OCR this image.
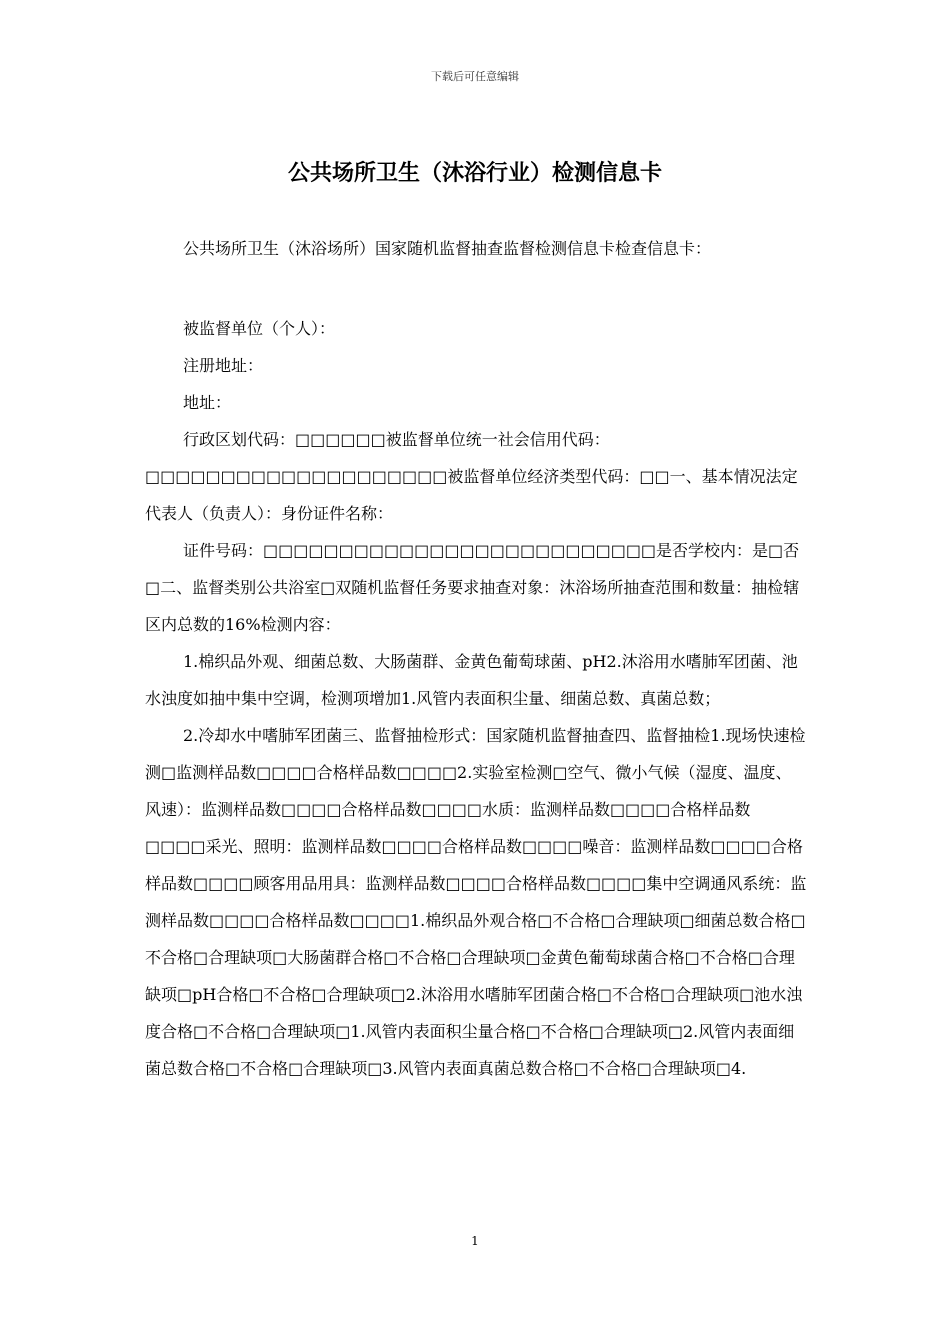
下载后可任意编辑
公共场所卫生（沐浴行业）检测信息卡
公共场所卫生（沐浴场所）国家随机监督抽查监督检测信息卡检查信息卡：

被监督单位（个人）：

注册地址：

地址：

行政区划代码：□□□□□□被监督单位统一社会信用代码：□□□□□□□□□□□□□□□□□□□□被监督单位经济类型代码：□□一、基本情况法定代表人（负责人）：身份证件名称：

证件号码：□□□□□□□□□□□□□□□□□□□□□□□□□□是否学校内：是□否□二、监督类别公共浴室□双随机监督任务要求抽查对象：沐浴场所抽查范围和数量：抽检辖区内总数的16%检测内容：

1.棉织品外观、细菌总数、大肠菌群、金黄色葡萄球菌、pH2.沐浴用水嗜肺军团菌、池水浊度如抽中集中空调，检测项增加1.风管内表面积尘量、细菌总数、真菌总数；

2.冷却水中嗜肺军团菌三、监督抽检形式：国家随机监督抽查四、监督抽检1.现场快速检测□监测样品数□□□□合格样品数□□□□2.实验室检测□空气、微小气候（湿度、温度、风速）：监测样品数□□□□合格样品数□□□□水质：监测样品数□□□□合格样品数□□□□采光、照明：监测样品数□□□□合格样品数□□□□噪音：监测样品数□□□□合格样品数□□□□顾客用品用具：监测样品数□□□□合格样品数□□□□集中空调通风系统：监测样品数□□□□合格样品数□□□□1.棉织品外观合格□不合格□合理缺项□细菌总数合格□不合格□合理缺项□大肠菌群合格□不合格□合理缺项□金黄色葡萄球菌合格□不合格□合理缺项□pH合格□不合格□合理缺项□2.沐浴用水嗜肺军团菌合格□不合格□合理缺项□池水浊度合格□不合格□合理缺项□1.风管内表面积尘量合格□不合格□合理缺项□2.风管内表面细菌总数合格□不合格□合理缺项□3.风管内表面真菌总数合格□不合格□合理缺项□4.

1
